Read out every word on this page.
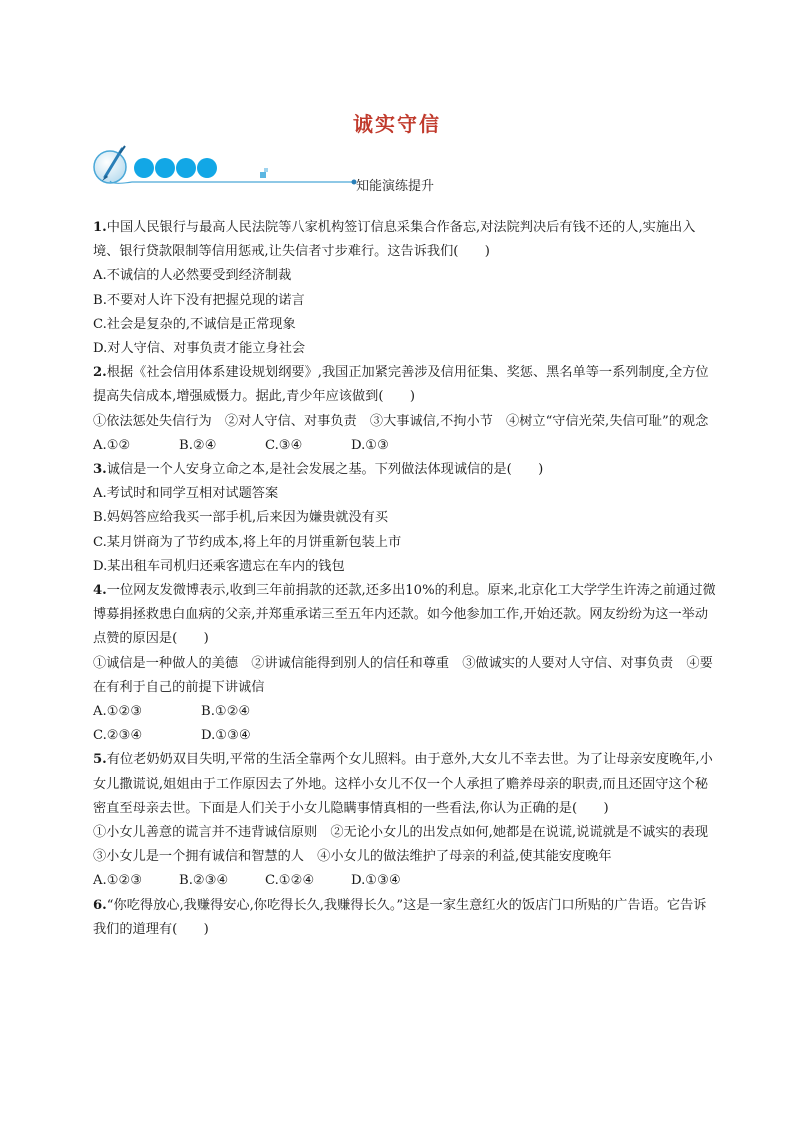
诚实守信
知能演练提升

1.中国人民银行与最高人民法院等八家机构签订信息采集合作备忘,对法院判决后有钱不还的人,实施出入境、银行贷款限制等信用惩戒,让失信者寸步难行。这告诉我们(　　)

A.不诚信的人必然要受到经济制裁

B.不要对人许下没有把握兑现的诺言

C.社会是复杂的,不诚信是正常现象

D.对人守信、对事负责才能立身社会

2.根据《社会信用体系建设规划纲要》,我国正加紧完善涉及信用征集、奖惩、黑名单等一系列制度,全方位提高失信成本,增强威慑力。据此,青少年应该做到(　　)

①依法惩处失信行为　②对人守信、对事负责　③大事诚信,不拘小节　④树立“守信光荣,失信可耻”的观念

A.①②	B.②④	C.③④	D.①③

3.诚信是一个人安身立命之本,是社会发展之基。下列做法体现诚信的是(　　)

A.考试时和同学互相对试题答案

B.妈妈答应给我买一部手机,后来因为嫌贵就没有买

C.某月饼商为了节约成本,将上年的月饼重新包装上市

D.某出租车司机归还乘客遗忘在车内的钱包

4.一位网友发微博表示,收到三年前捐款的还款,还多出10%的利息。原来,北京化工大学学生许涛之前通过微博募捐拯救患白血病的父亲,并郑重承诺三至五年内还款。如今他参加工作,开始还款。网友纷纷为这一举动点赞的原因是(　　)

①诚信是一种做人的美德　②讲诚信能得到别人的信任和尊重　③做诚实的人要对人守信、对事负责　④要在有利于自己的前提下讲诚信

A.①②③	B.①②④
C.②③④	D.①③④

5.有位老奶奶双目失明,平常的生活全靠两个女儿照料。由于意外,大女儿不幸去世。为了让母亲安度晚年,小女儿撒谎说,姐姐由于工作原因去了外地。这样小女儿不仅一个人承担了赡养母亲的职责,而且还固守这个秘密直至母亲去世。下面是人们关于小女儿隐瞒事情真相的一些看法,你认为正确的是(　　)

①小女儿善意的谎言并不违背诚信原则　②无论小女儿的出发点如何,她都是在说谎,说谎就是不诚实的表现　③小女儿是一个拥有诚信和智慧的人　④小女儿的做法维护了母亲的利益,使其能安度晚年

A.①②③	B.②③④	C.①②④	D.①③④

6.“你吃得放心,我赚得安心,你吃得长久,我赚得长久。”这是一家生意红火的饭店门口所贴的广告语。它告诉我们的道理有(　　)
